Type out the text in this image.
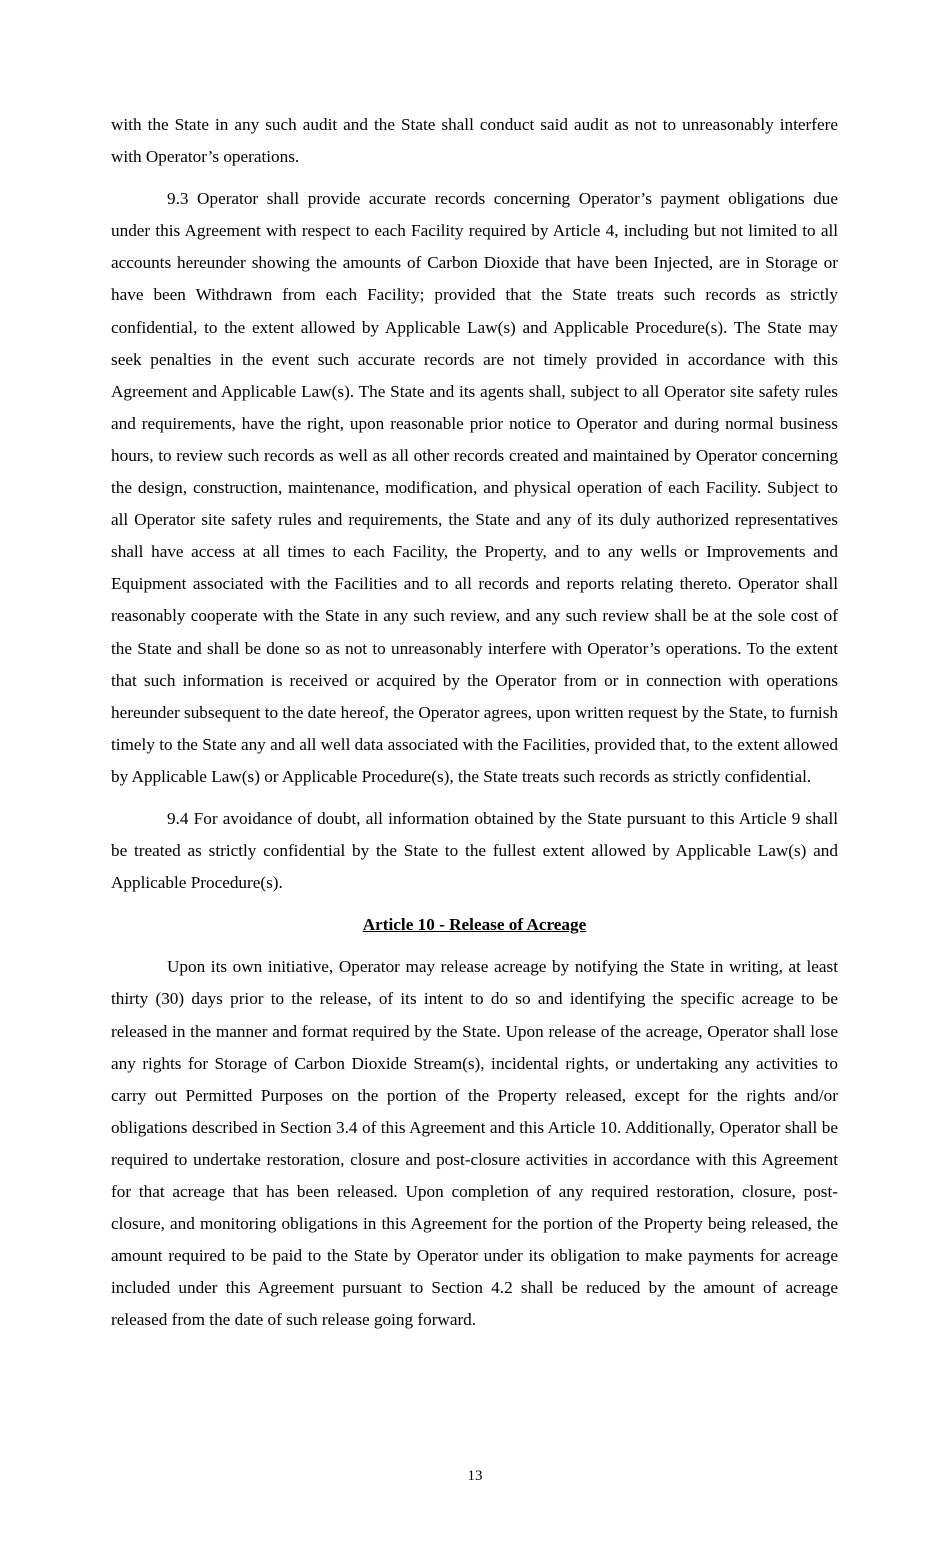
with the State in any such audit and the State shall conduct said audit as not to unreasonably interfere with Operator’s operations.

9.3 Operator shall provide accurate records concerning Operator’s payment obligations due under this Agreement with respect to each Facility required by Article 4, including but not limited to all accounts hereunder showing the amounts of Carbon Dioxide that have been Injected, are in Storage or have been Withdrawn from each Facility; provided that the State treats such records as strictly confidential, to the extent allowed by Applicable Law(s) and Applicable Procedure(s). The State may seek penalties in the event such accurate records are not timely provided in accordance with this Agreement and Applicable Law(s). The State and its agents shall, subject to all Operator site safety rules and requirements, have the right, upon reasonable prior notice to Operator and during normal business hours, to review such records as well as all other records created and maintained by Operator concerning the design, construction, maintenance, modification, and physical operation of each Facility. Subject to all Operator site safety rules and requirements, the State and any of its duly authorized representatives shall have access at all times to each Facility, the Property, and to any wells or Improvements and Equipment associated with the Facilities and to all records and reports relating thereto. Operator shall reasonably cooperate with the State in any such review, and any such review shall be at the sole cost of the State and shall be done so as not to unreasonably interfere with Operator’s operations. To the extent that such information is received or acquired by the Operator from or in connection with operations hereunder subsequent to the date hereof, the Operator agrees, upon written request by the State, to furnish timely to the State any and all well data associated with the Facilities, provided that, to the extent allowed by Applicable Law(s) or Applicable Procedure(s), the State treats such records as strictly confidential.

9.4 For avoidance of doubt, all information obtained by the State pursuant to this Article 9 shall be treated as strictly confidential by the State to the fullest extent allowed by Applicable Law(s) and Applicable Procedure(s).

Article 10 - Release of Acreage

Upon its own initiative, Operator may release acreage by notifying the State in writing, at least thirty (30) days prior to the release, of its intent to do so and identifying the specific acreage to be released in the manner and format required by the State. Upon release of the acreage, Operator shall lose any rights for Storage of Carbon Dioxide Stream(s), incidental rights, or undertaking any activities to carry out Permitted Purposes on the portion of the Property released, except for the rights and/or obligations described in Section 3.4 of this Agreement and this Article 10. Additionally, Operator shall be required to undertake restoration, closure and post-closure activities in accordance with this Agreement for that acreage that has been released. Upon completion of any required restoration, closure, post-closure, and monitoring obligations in this Agreement for the portion of the Property being released, the amount required to be paid to the State by Operator under its obligation to make payments for acreage included under this Agreement pursuant to Section 4.2 shall be reduced by the amount of acreage released from the date of such release going forward.

13
